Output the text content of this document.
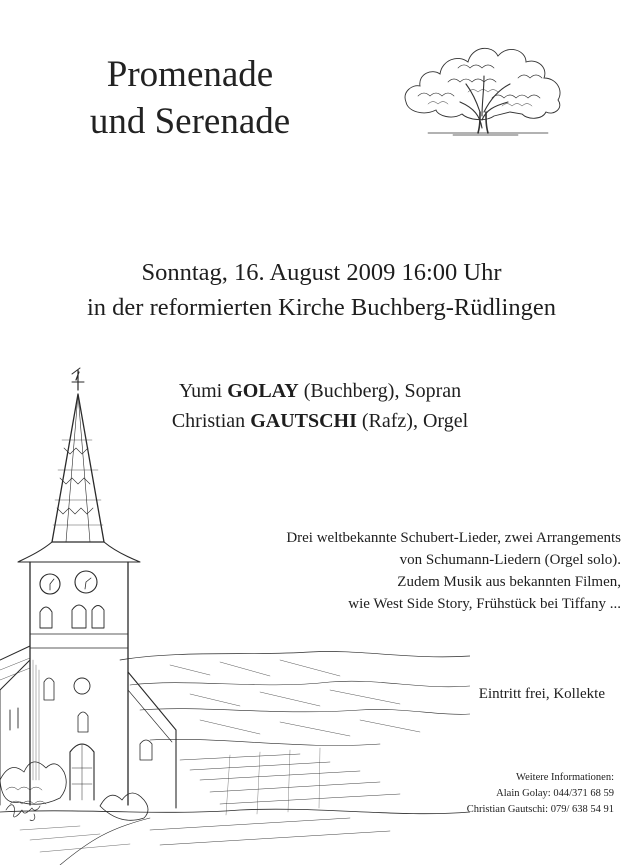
Promenade
und Serenade
Sonntag, 16. August 2009 16:00 Uhr
in der reformierten Kirche Buchberg-Rüdlingen
Yumi GOLAY (Buchberg), Sopran
Christian GAUTSCHI (Rafz), Orgel
Drei weltbekannte Schubert-Lieder, zwei Arrangements
von Schumann-Liedern (Orgel solo).
Zudem Musik aus bekannten Filmen,
wie West Side Story, Frühstück bei Tiffany ...
Eintritt frei, Kollekte
Weitere Informationen:
Alain Golay: 044/371 68 59
Christian Gautschi: 079/ 638 54 91
